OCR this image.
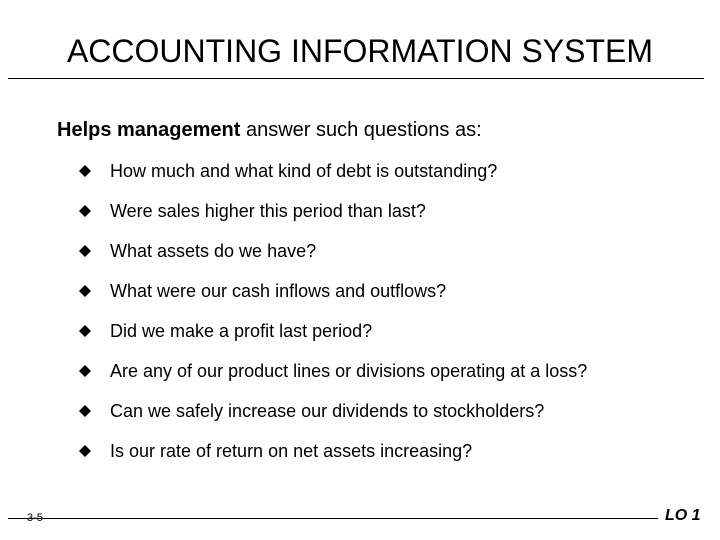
ACCOUNTING INFORMATION SYSTEM
Helps management answer such questions as:
How much and what kind of debt is outstanding?
Were sales higher this period than last?
What assets do we have?
What were our cash inflows and outflows?
Did we make a profit last period?
Are any of our product lines or divisions operating at a loss?
Can we safely increase our dividends to stockholders?
Is our rate of return on net assets increasing?
3-5	LO 1
